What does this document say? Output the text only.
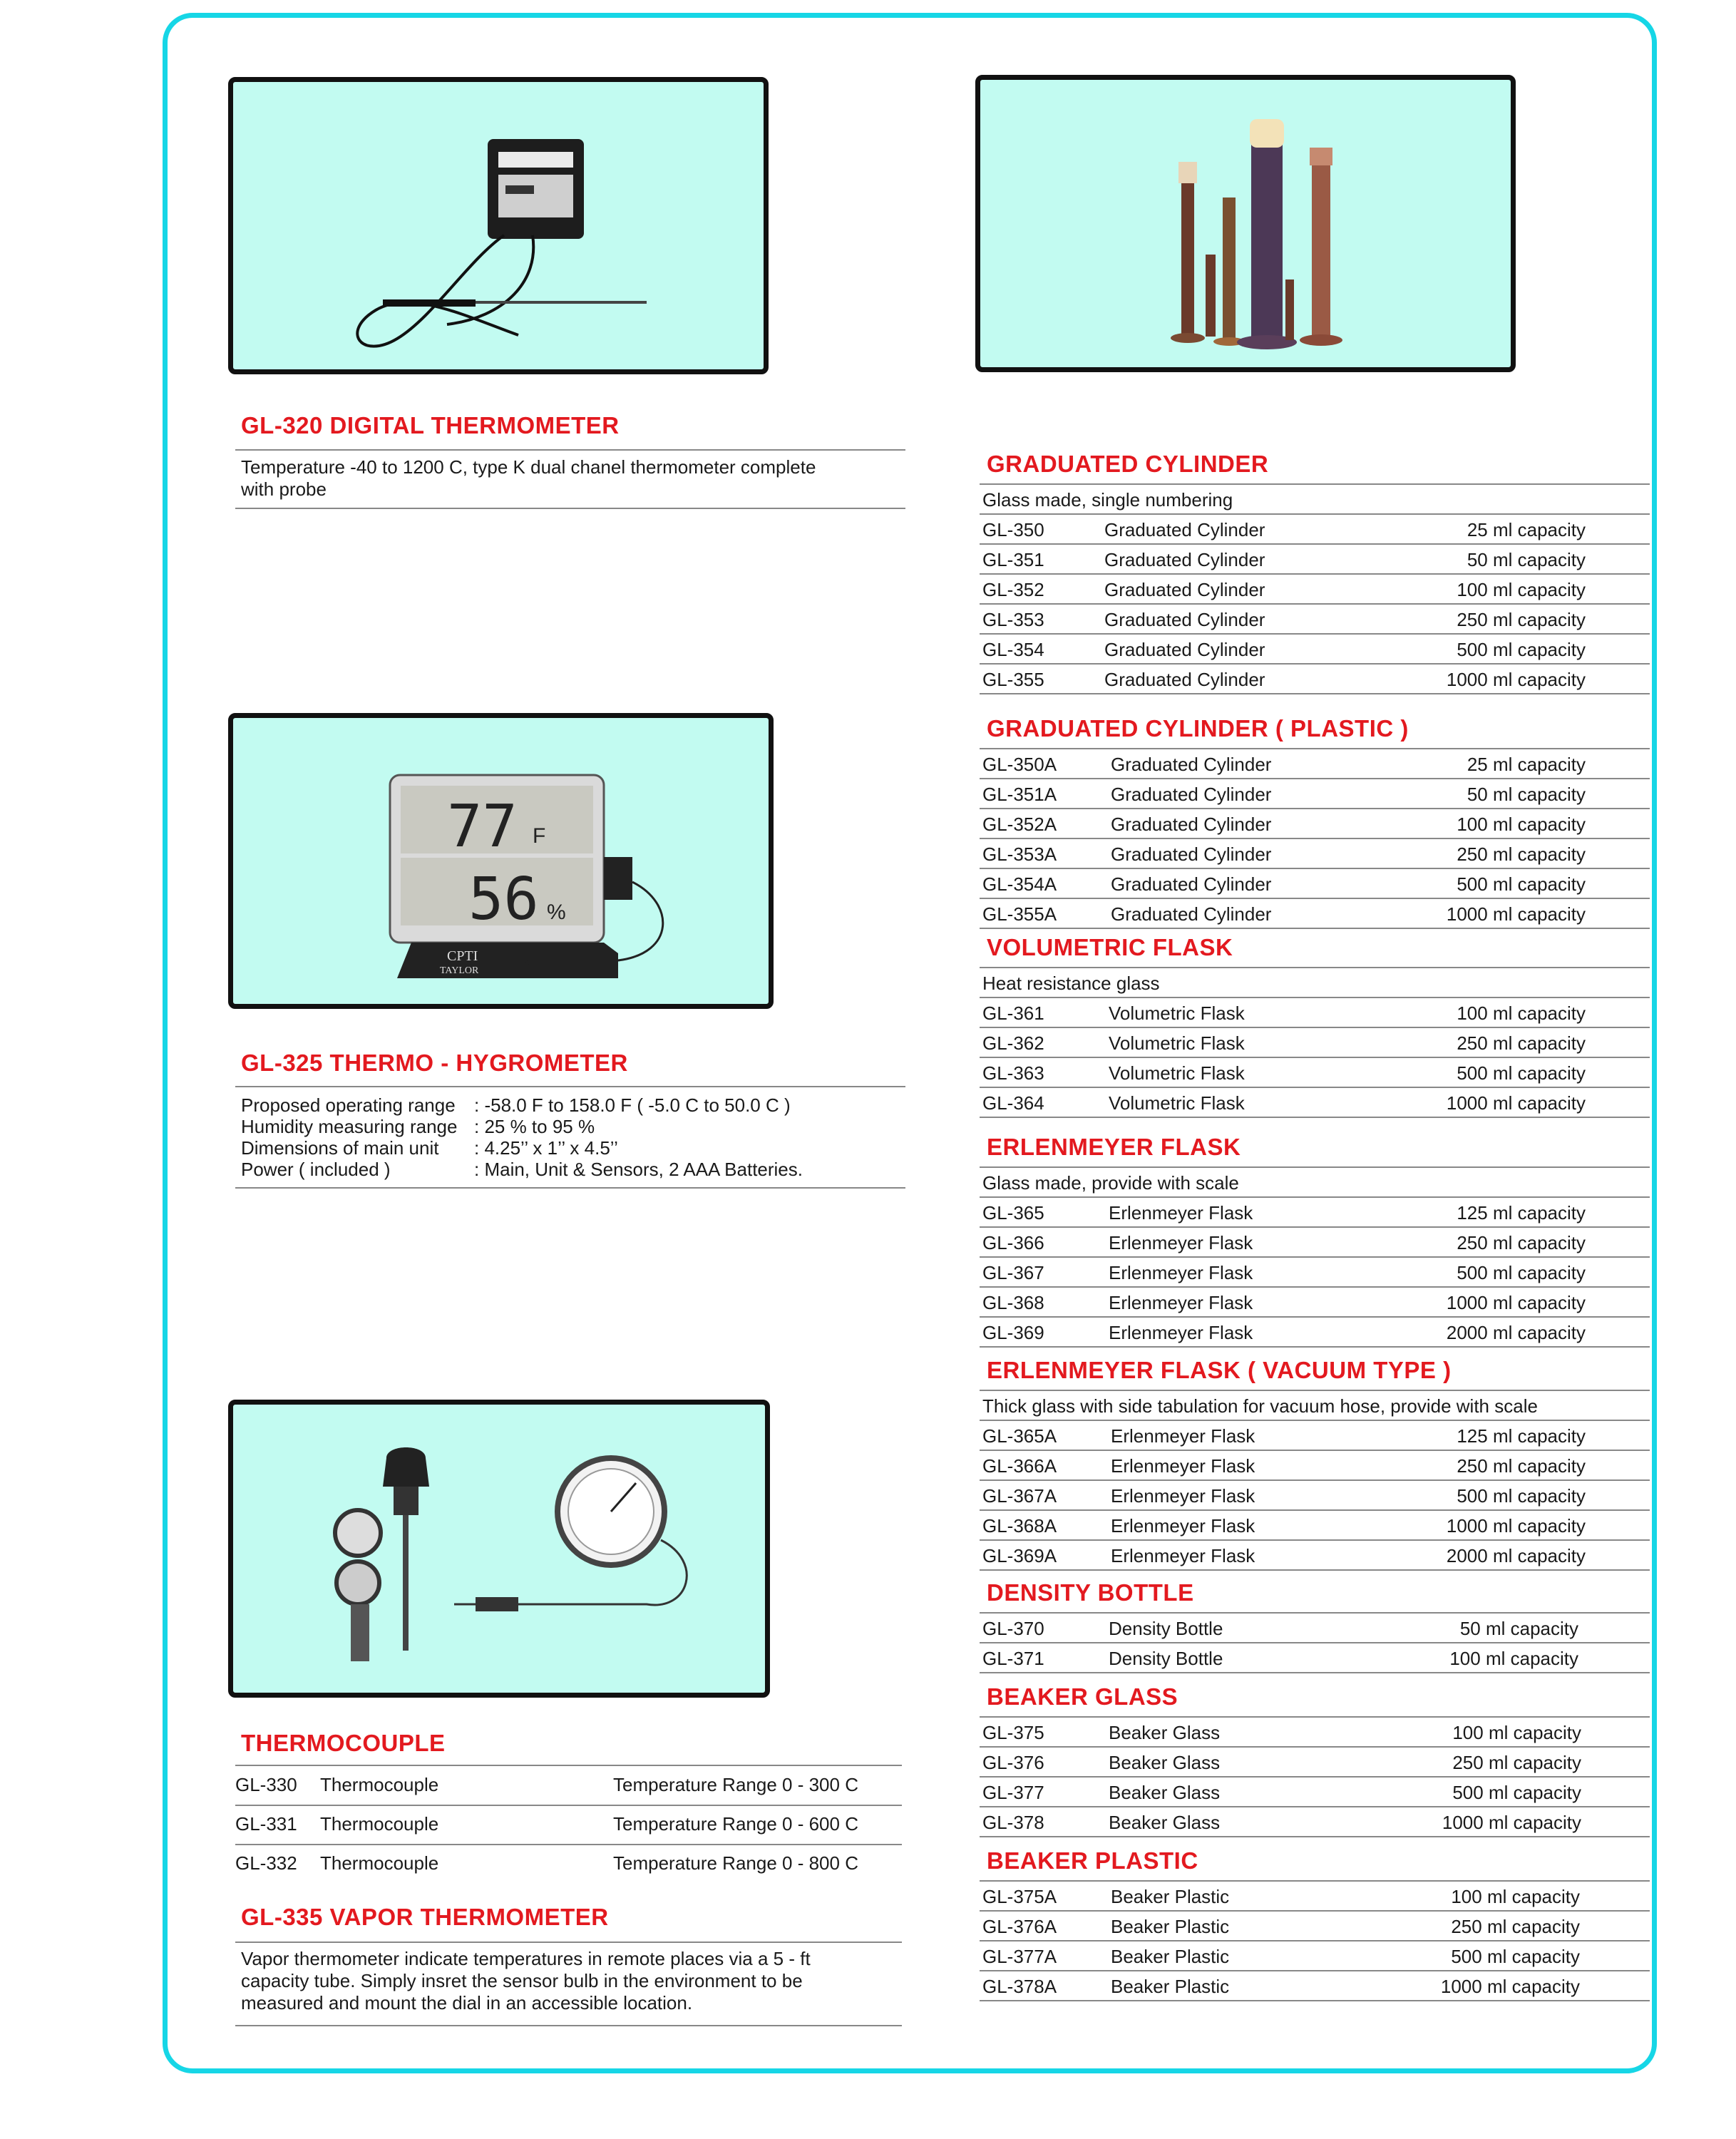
77 F
56 %
CPTI
TAYLOR
GL-320 DIGITAL THERMOMETER
Temperature -40 to 1200 C, type K dual chanel thermometer complete
with probe
GL-325 THERMO - HYGROMETER
Proposed operating range : -58.0 F to 158.0 F ( -5.0 C to 50.0 C )
Humidity measuring range : 25 % to 95 %
Dimensions of main unit : 4.25’’ x 1’’ x 4.5’’
Power ( included )	: Main, Unit & Sensors, 2 AAA Batteries.
THERMOCOUPLE
GL-330 Thermocouple	Temperature Range 0 - 300 C
GL-331 Thermocouple	Temperature Range 0 - 600 C
GL-332 Thermocouple	Temperature Range 0 - 800 C
GL-335 VAPOR THERMOMETER
Vapor thermometer indicate temperatures in remote places via a 5 - ft
capacity tube. Simply insret the sensor bulb in the environment to be
measured and mount the dial in an accessible location.
GRADUATED CYLINDER
Glass made, single numbering
GL-350	Graduated Cylinder	25 ml capacity
GL-351	Graduated Cylinder	50 ml capacity
GL-352	Graduated Cylinder	100 ml capacity
GL-353	Graduated Cylinder	250 ml capacity
GL-354	Graduated Cylinder	500 ml capacity
GL-355	Graduated Cylinder	1000 ml capacity
GRADUATED CYLINDER ( PLASTIC )
GL-350A	Graduated Cylinder	25 ml capacity
GL-351A	Graduated Cylinder	50 ml capacity
GL-352A	Graduated Cylinder	100 ml capacity
GL-353A	Graduated Cylinder	250 ml capacity
GL-354A	Graduated Cylinder	500 ml capacity
GL-355A	Graduated Cylinder	1000 ml capacity
VOLUMETRIC FLASK
Heat resistance glass
GL-361	Volumetric Flask	100 ml capacity
GL-362	Volumetric Flask	250 ml capacity
GL-363	Volumetric Flask	500 ml capacity
GL-364	Volumetric Flask	1000 ml capacity
ERLENMEYER FLASK
Glass made, provide with scale
GL-365	Erlenmeyer Flask	125 ml capacity
GL-366	Erlenmeyer Flask	250 ml capacity
GL-367	Erlenmeyer Flask	500 ml capacity
GL-368	Erlenmeyer Flask	1000 ml capacity
GL-369	Erlenmeyer Flask	2000 ml capacity
ERLENMEYER FLASK ( VACUUM TYPE )
Thick glass with side tabulation for vacuum hose, provide with scale
GL-365A	Erlenmeyer Flask	125 ml capacity
GL-366A	Erlenmeyer Flask	250 ml capacity
GL-367A	Erlenmeyer Flask	500 ml capacity
GL-368A	Erlenmeyer Flask	1000 ml capacity
GL-369A	Erlenmeyer Flask	2000 ml capacity
DENSITY BOTTLE
GL-370	Density Bottle	50 ml capacity
GL-371	Density Bottle	100 ml capacity
BEAKER GLASS
GL-375	Beaker Glass	100 ml capacity
GL-376	Beaker Glass	250 ml capacity
GL-377	Beaker Glass	500 ml capacity
GL-378	Beaker Glass	1000 ml capacity
BEAKER PLASTIC
GL-375A	Beaker Plastic	100 ml capacity
GL-376A	Beaker Plastic	250 ml capacity
GL-377A	Beaker Plastic	500 ml capacity
GL-378A	Beaker Plastic	1000 ml capacity
